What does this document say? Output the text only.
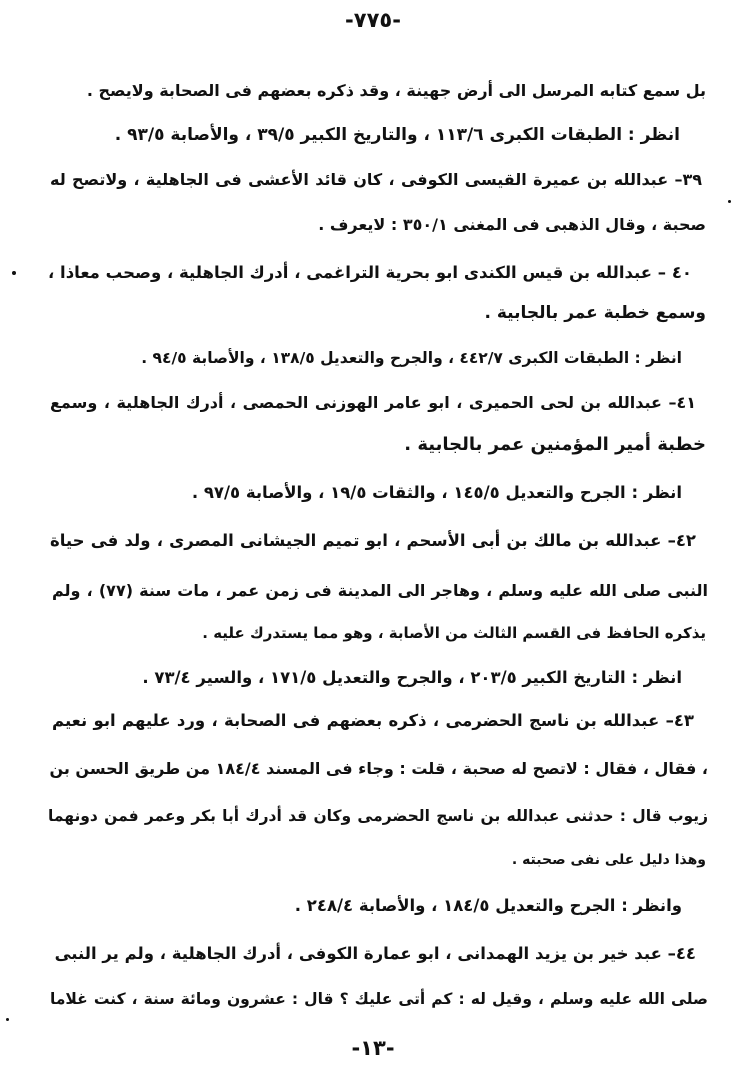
-٧٧٥-
بل سمع كتابه المرسل الى أرض جهينة ، وقد ذكره بعضهم فى الصحابة ولايصح .
انظر : الطبقات الكبرى ١١٣/٦ ، والتاريخ الكبير ٣٩/٥ ، والأصابة ٩٣/٥ .
٣٩– عبدالله بن عميرة القيسى الكوفى ، كان قائد الأعشى فى الجاهلية ، ولاتصح له
صحبة ، وقال الذهبى فى المغنى ٣٥٠/١ : لايعرف .
٤٠ – عبدالله بن قيس الكندى ابو بحرية التراغمى ، أدرك الجاهلية ، وصحب معاذا ،
وسمع خطبة عمر بالجابية .
انظر : الطبقات الكبرى ٤٤٢/٧ ، والجرح والتعديل ١٣٨/٥ ، والأصابة ٩٤/٥ .
٤١– عبدالله بن لحى الحميرى ، ابو عامر الهوزنى الحمصى ، أدرك الجاهلية ، وسمع
خطبة أمير المؤمنين عمر بالجابية .
انظر : الجرح والتعديل ١٤٥/٥ ، والثقات ١٩/٥ ، والأصابة ٩٧/٥ .
٤٢– عبدالله بن مالك بن أبى الأسحم ، ابو تميم الجيشانى المصرى ، ولد فى حياة
النبى صلى الله عليه وسلم ، وهاجر الى المدينة فى زمن عمر ، مات سنة (٧٧) ، ولم
يذكره الحافظ فى القسم الثالث من الأصابة ، وهو مما يستدرك عليه .
انظر : التاريخ الكبير ٢٠٣/٥ ، والجرح والتعديل ١٧١/٥ ، والسير ٧٣/٤ .
٤٣– عبدالله بن ناسج الحضرمى ، ذكره بعضهم فى الصحابة ، ورد عليهم ابو نعيم
، فقال ، فقال : لاتصح له صحبة ، قلت : وجاء فى المسند ١٨٤/٤ من طريق الحسن بن
زيوب قال : حدثنى عبدالله بن ناسج الحضرمى وكان قد أدرك أبا بكر وعمر فمن دونهما
وهذا دليل على نفى صحبته .
وانظر : الجرح والتعديل ١٨٤/٥ ، والأصابة ٢٤٨/٤ .
٤٤– عبد خير بن يزيد الهمدانى ، ابو عمارة الكوفى ، أدرك الجاهلية ، ولم ير النبى
صلى الله عليه وسلم ، وقيل له : كم أتى عليك ؟ قال : عشرون ومائة سنة ، كنت غلاما
-١٣-
